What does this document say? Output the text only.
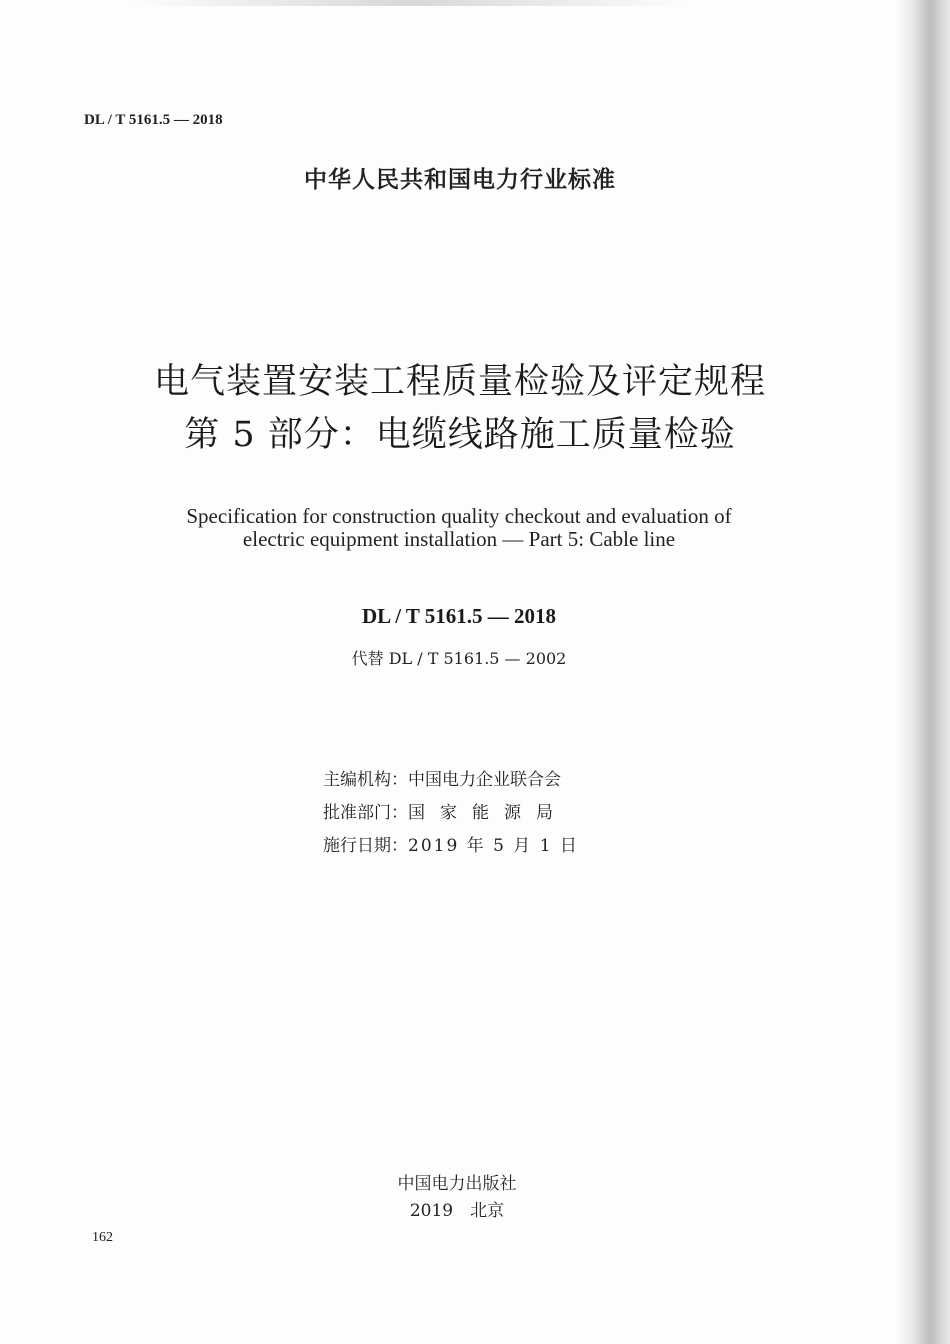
DL / T 5161.5 — 2018
中华人民共和国电力行业标准
电气装置安装工程质量检验及评定规程
第 5 部分：电缆线路施工质量检验
Specification for construction quality checkout and evaluation of
electric equipment installation — Part 5: Cable line
DL / T 5161.5 — 2018
代替 DL / T 5161.5 — 2002
主编机构：中国电力企业联合会
批准部门：国家能源局
施行日期：2019 年 5 月 1 日
中国电力出版社
2019　北京
162
